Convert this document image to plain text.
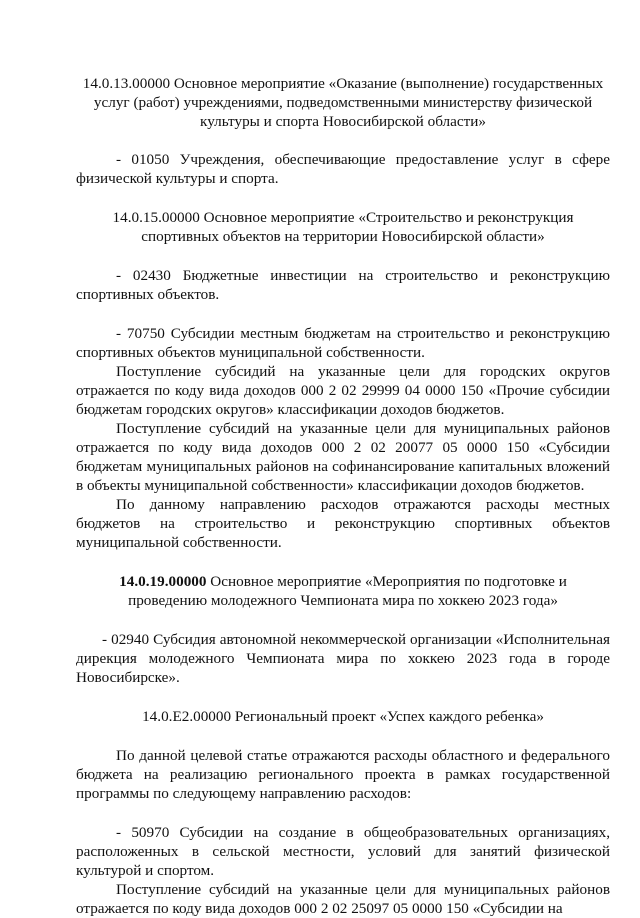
14.0.13.00000 Основное мероприятие «Оказание (выполнение) государственных услуг (работ) учреждениями, подведомственными министерству физической культуры и спорта Новосибирской области»

- 01050 Учреждения, обеспечивающие предоставление услуг в сфере физической культуры и спорта.

14.0.15.00000 Основное мероприятие «Строительство и реконструкция спортивных объектов на территории Новосибирской области»

- 02430 Бюджетные инвестиции на строительство и реконструкцию спортивных объектов.

- 70750 Субсидии местным бюджетам на строительство и реконструкцию спортивных объектов муниципальной собственности.

Поступление субсидий на указанные цели для городских округов отражается по коду вида доходов 000 2 02 29999 04 0000 150 «Прочие субсидии бюджетам городских округов» классификации доходов бюджетов.

Поступление субсидий на указанные цели для муниципальных районов отражается по коду вида доходов 000 2 02 20077 05 0000 150 «Субсидии бюджетам муниципальных районов на софинансирование капитальных вложений в объекты муниципальной собственности» классификации доходов бюджетов.

По данному направлению расходов отражаются расходы местных бюджетов на строительство и реконструкцию спортивных объектов муниципальной собственности.

14.0.19.00000 Основное мероприятие «Мероприятия по подготовке и проведению молодежного Чемпионата мира по хоккею 2023 года»

- 02940 Субсидия автономной некоммерческой организации «Исполнительная дирекция молодежного Чемпионата мира по хоккею 2023 года в городе Новосибирске».

14.0.Е2.00000 Региональный проект «Успех каждого ребенка»

По данной целевой статье отражаются расходы областного и федерального бюджета на реализацию регионального проекта в рамках государственной программы по следующему направлению расходов:

- 50970 Субсидии на создание в общеобразовательных организациях, расположенных в сельской местности, условий для занятий физической культурой и спортом.

Поступление субсидий на указанные цели для муниципальных районов отражается по коду вида доходов 000 2 02 25097 05 0000 150 «Субсидии на
